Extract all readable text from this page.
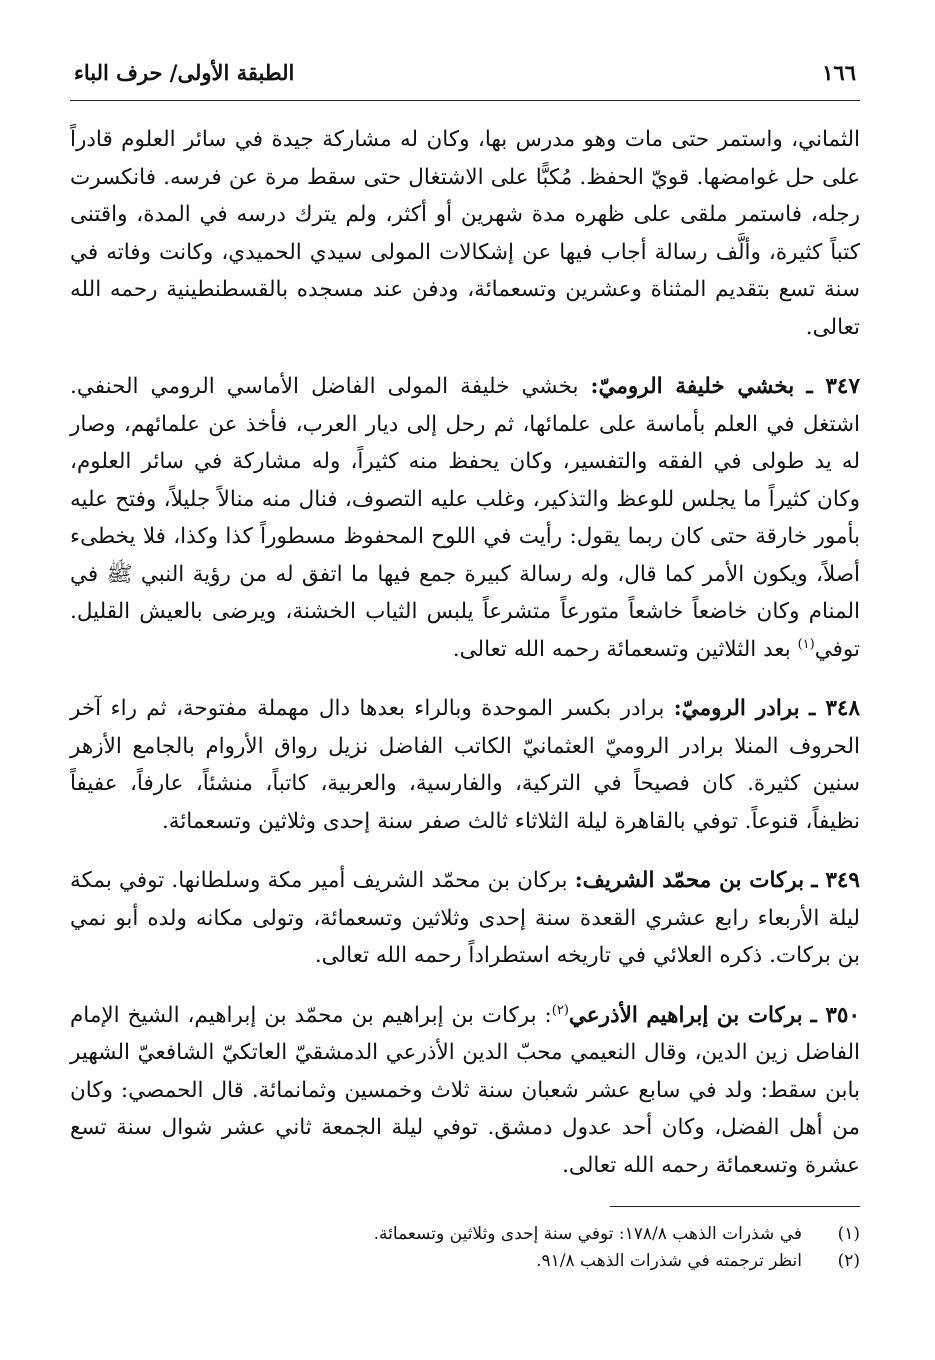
١٦٦
الطبقة الأولى/ حرف الباء

الثماني، واستمر حتى مات وهو مدرس بها، وكان له مشاركة جيدة في سائر العلوم قادراً على حل غوامضها. قويّ الحفظ. مُكبًّا على الاشتغال حتى سقط مرة عن فرسه. فانكسرت رجله، فاستمر ملقى على ظهره مدة شهرين أو أكثر، ولم يترك درسه في المدة، واقتنى كتباً كثيرة، وألَّف رسالة أجاب فيها عن إشكالات المولى سيدي الحميدي، وكانت وفاته في سنة تسع بتقديم المثناة وعشرين وتسعمائة، ودفن عند مسجده بالقسطنطينية رحمه الله تعالى.

٣٤٧ ـ بخشي خليفة الروميّ: بخشي خليفة المولى الفاضل الأماسي الرومي الحنفي. اشتغل في العلم بأماسة على علمائها، ثم رحل إلى ديار العرب، فأخذ عن علمائهم، وصار له يد طولى في الفقه والتفسير، وكان يحفظ منه كثيراً، وله مشاركة في سائر العلوم، وكان كثيراً ما يجلس للوعظ والتذكير، وغلب عليه التصوف، فنال منه منالاً جليلاً، وفتح عليه بأمور خارقة حتى كان ربما يقول: رأيت في اللوح المحفوظ مسطوراً كذا وكذا، فلا يخطىء أصلاً، ويكون الأمر كما قال، وله رسالة كبيرة جمع فيها ما اتفق له من رؤية النبي ﷺ في المنام وكان خاضعاً خاشعاً متورعاً متشرعاً يلبس الثياب الخشنة، ويرضى بالعيش القليل. توفي$^{(١)}$ بعد الثلاثين وتسعمائة رحمه الله تعالى.

٣٤٨ ـ برادر الروميّ: برادر بكسر الموحدة وبالراء بعدها دال مهملة مفتوحة، ثم راء آخر الحروف المنلا برادر الروميّ العثمانيّ الكاتب الفاضل نزيل رواق الأروام بالجامع الأزهر سنين كثيرة. كان فصيحاً في التركية، والفارسية، والعربية، كاتباً، منشئاً، عارفاً، عفيفاً نظيفاً، قنوعاً. توفي بالقاهرة ليلة الثلاثاء ثالث صفر سنة إحدى وثلاثين وتسعمائة.

٣٤٩ ـ بركات بن محمّد الشريف: بركان بن محمّد الشريف أمير مكة وسلطانها. توفي بمكة ليلة الأربعاء رابع عشري القعدة سنة إحدى وثلاثين وتسعمائة، وتولى مكانه ولده أبو نمي بن بركات. ذكره العلائي في تاريخه استطراداً رحمه الله تعالى.

٣٥٠ ـ بركات بن إبراهيم الأذرعي$^{(٢)}$: بركات بن إبراهيم بن محمّد بن إبراهيم، الشيخ الإمام الفاضل زين الدين، وقال النعيمي محبّ الدين الأذرعي الدمشقيّ العاتكيّ الشافعيّ الشهير بابن سقط: ولد في سابع عشر شعبان سنة ثلاث وخمسين وثمانمائة. قال الحمصي: وكان من أهل الفضل، وكان أحد عدول دمشق. توفي ليلة الجمعة ثاني عشر شوال سنة تسع عشرة وتسعمائة رحمه الله تعالى.

(١)
في شذرات الذهب ١٧٨/٨: توفي سنة إحدى وثلاثين وتسعمائة.
(٢)
انظر ترجمته في شذرات الذهب ٩١/٨.
